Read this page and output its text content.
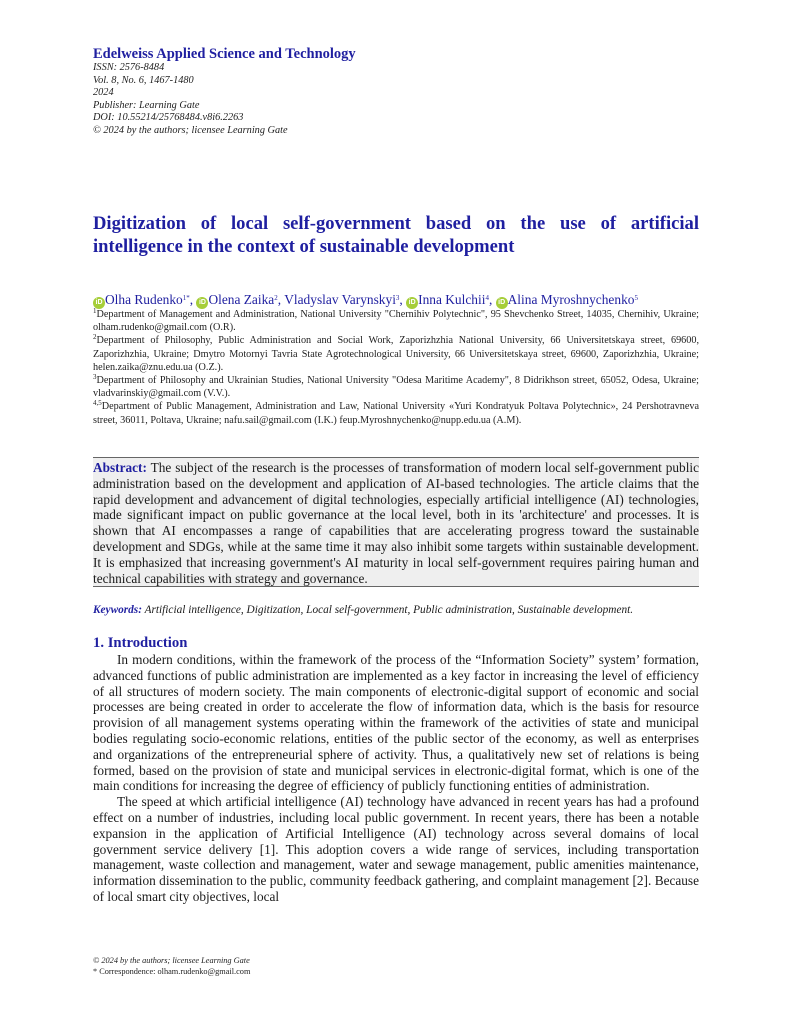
Edelweiss Applied Science and Technology
ISSN: 2576-8484
Vol. 8, No. 6, 1467-1480
2024
Publisher: Learning Gate
DOI: 10.55214/25768484.v8i6.2263
© 2024 by the authors; licensee Learning Gate
Digitization of local self-government based on the use of artificial
intelligence in the context of sustainable development
iD Olha Rudenko$^{1*}$, iD Olena Zaika$^2$, Vladyslav Varynskyi$^3$, iD Inna Kulchii$^4$, iD Alina Myroshnychenko$^5$

$^1$Department of Management and Administration, National University "Chernihiv Polytechnic", 95 Shevchenko Street, 14035, Chernihiv, Ukraine; olham.rudenko@gmail.com (O.R).

$^2$Department of Philosophy, Public Administration and Social Work, Zaporizhzhia National University, 66 Universitetskaya street, 69600, Zaporizhzhia, Ukraine; Dmytro Motornyi Tavria State Agrotechnological University, 66 Universitetskaya street, 69600, Zaporizhzhia, Ukraine; helen.zaika@znu.edu.ua (O.Z.).

$^3$Department of Philosophy and Ukrainian Studies, National University "Odesa Maritime Academy", 8 Didrikhson street, 65052, Odesa, Ukraine; vladvarinskiy@gmail.com (V.V.).

$^{4,5}$Department of Public Management, Administration and Law, National University «Yuri Kondratyuk Poltava Polytechnic», 24 Pershotravneva street, 36011, Poltava, Ukraine; nafu.sail@gmail.com (I.K.) feup.Myroshnychenko@nupp.edu.ua (A.M).

Abstract: The subject of the research is the processes of transformation of modern local self-government public administration based on the development and application of AI-based technologies. The article claims that the rapid development and advancement of digital technologies, especially artificial intelligence (AI) technologies, made significant impact on public governance at the local level, both in its 'architecture' and processes. It is shown that AI encompasses a range of capabilities that are accelerating progress toward the sustainable development and SDGs, while at the same time it may also inhibit some targets within sustainable development. It is emphasized that increasing government's AI maturity in local self-government requires pairing human and technical capabilities with strategy and governance.

Keywords: Artificial intelligence, Digitization, Local self-government, Public administration, Sustainable development.
1. Introduction

In modern conditions, within the framework of the process of the “Information Society” system’ formation, advanced functions of public administration are implemented as a key factor in increasing the level of efficiency of all structures of modern society. The main components of electronic-digital support of economic and social processes are being created in order to accelerate the flow of information data, which is the basis for resource provision of all management systems operating within the framework of the activities of state and municipal bodies regulating socio-economic relations, entities of the public sector of the economy, as well as enterprises and organizations of the entrepreneurial sphere of activity. Thus, a qualitatively new set of relations is being formed, based on the provision of state and municipal services in electronic-digital format, which is one of the main conditions for increasing the degree of efficiency of publicly functioning entities of administration.

The speed at which artificial intelligence (AI) technology have advanced in recent years has had a profound effect on a number of industries, including local public government. In recent years, there has been a notable expansion in the application of Artificial Intelligence (AI) technology across several domains of local government service delivery [1]. This adoption covers a wide range of services, including transportation management, waste collection and management, water and sewage management, public amenities maintenance, information dissemination to the public, community feedback gathering, and complaint management [2]. Because of local smart city objectives, local

© 2024 by the authors; licensee Learning Gate
* Correspondence: olham.rudenko@gmail.com
